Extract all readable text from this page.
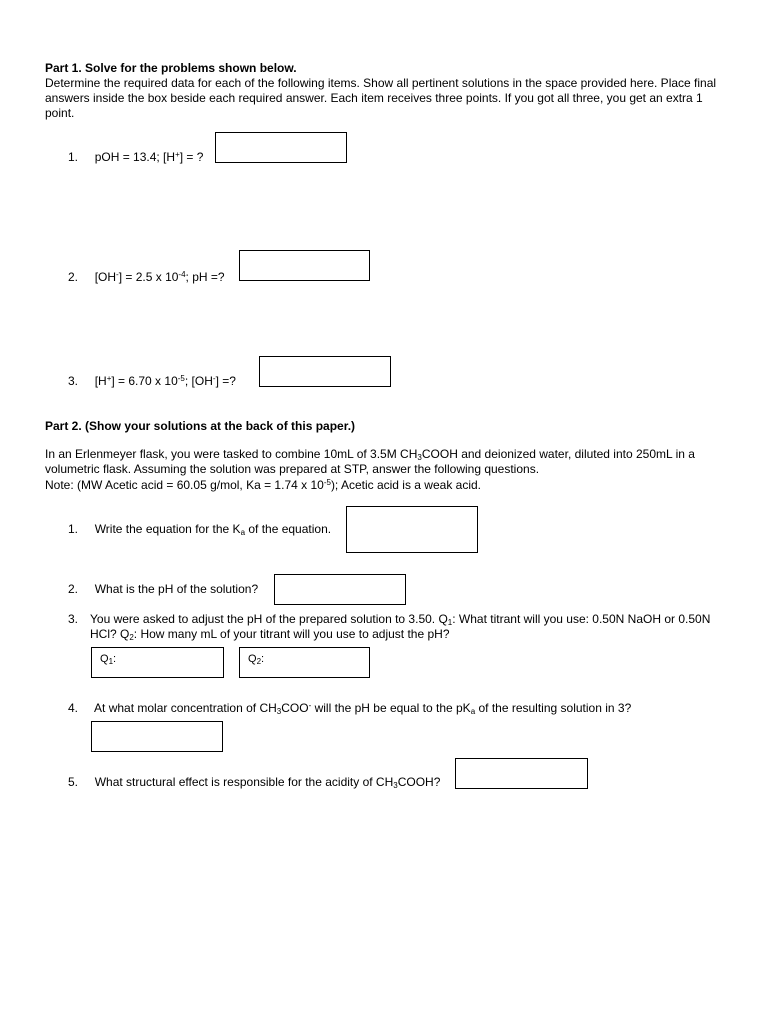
Part 1. Solve for the problems shown below.
Determine the required data for each of the following items. Show all pertinent solutions in the space provided here. Place final answers inside the box beside each required answer. Each item receives three points. If you got all three, you get an extra 1 point.
1. pOH = 13.4; [H+] = ?
2. [OH-] = 2.5 x $10^{-4}$; pH =?
3. [H+] = 6.70 x $10^{-5}$; [OH-] =?
Part 2. (Show your solutions at the back of this paper.)
In an Erlenmeyer flask, you were tasked to combine 10mL of 3.5M $CH_3COOH$ and deionized water, diluted into 250mL in a volumetric flask. Assuming the solution was prepared at STP, answer the following questions.
Note: (MW Acetic acid = 60.05 g/mol, Ka = 1.74 x $10^{-5}$); Acetic acid is a weak acid.
1. Write the equation for the $K_a$ of the equation.
2. What is the pH of the solution?
3. You were asked to adjust the pH of the prepared solution to 3.50. $Q_1$: What titrant will you use: 0.50N NaOH or 0.50N HCl? $Q_2$: How many mL of your titrant will you use to adjust the pH?
$Q_1$:	$Q_2$:
4. At what molar concentration of $CH_3COO^-$ will the pH be equal to the $pK_a$ of the resulting solution in 3?
5. What structural effect is responsible for the acidity of $CH_3COOH$?
